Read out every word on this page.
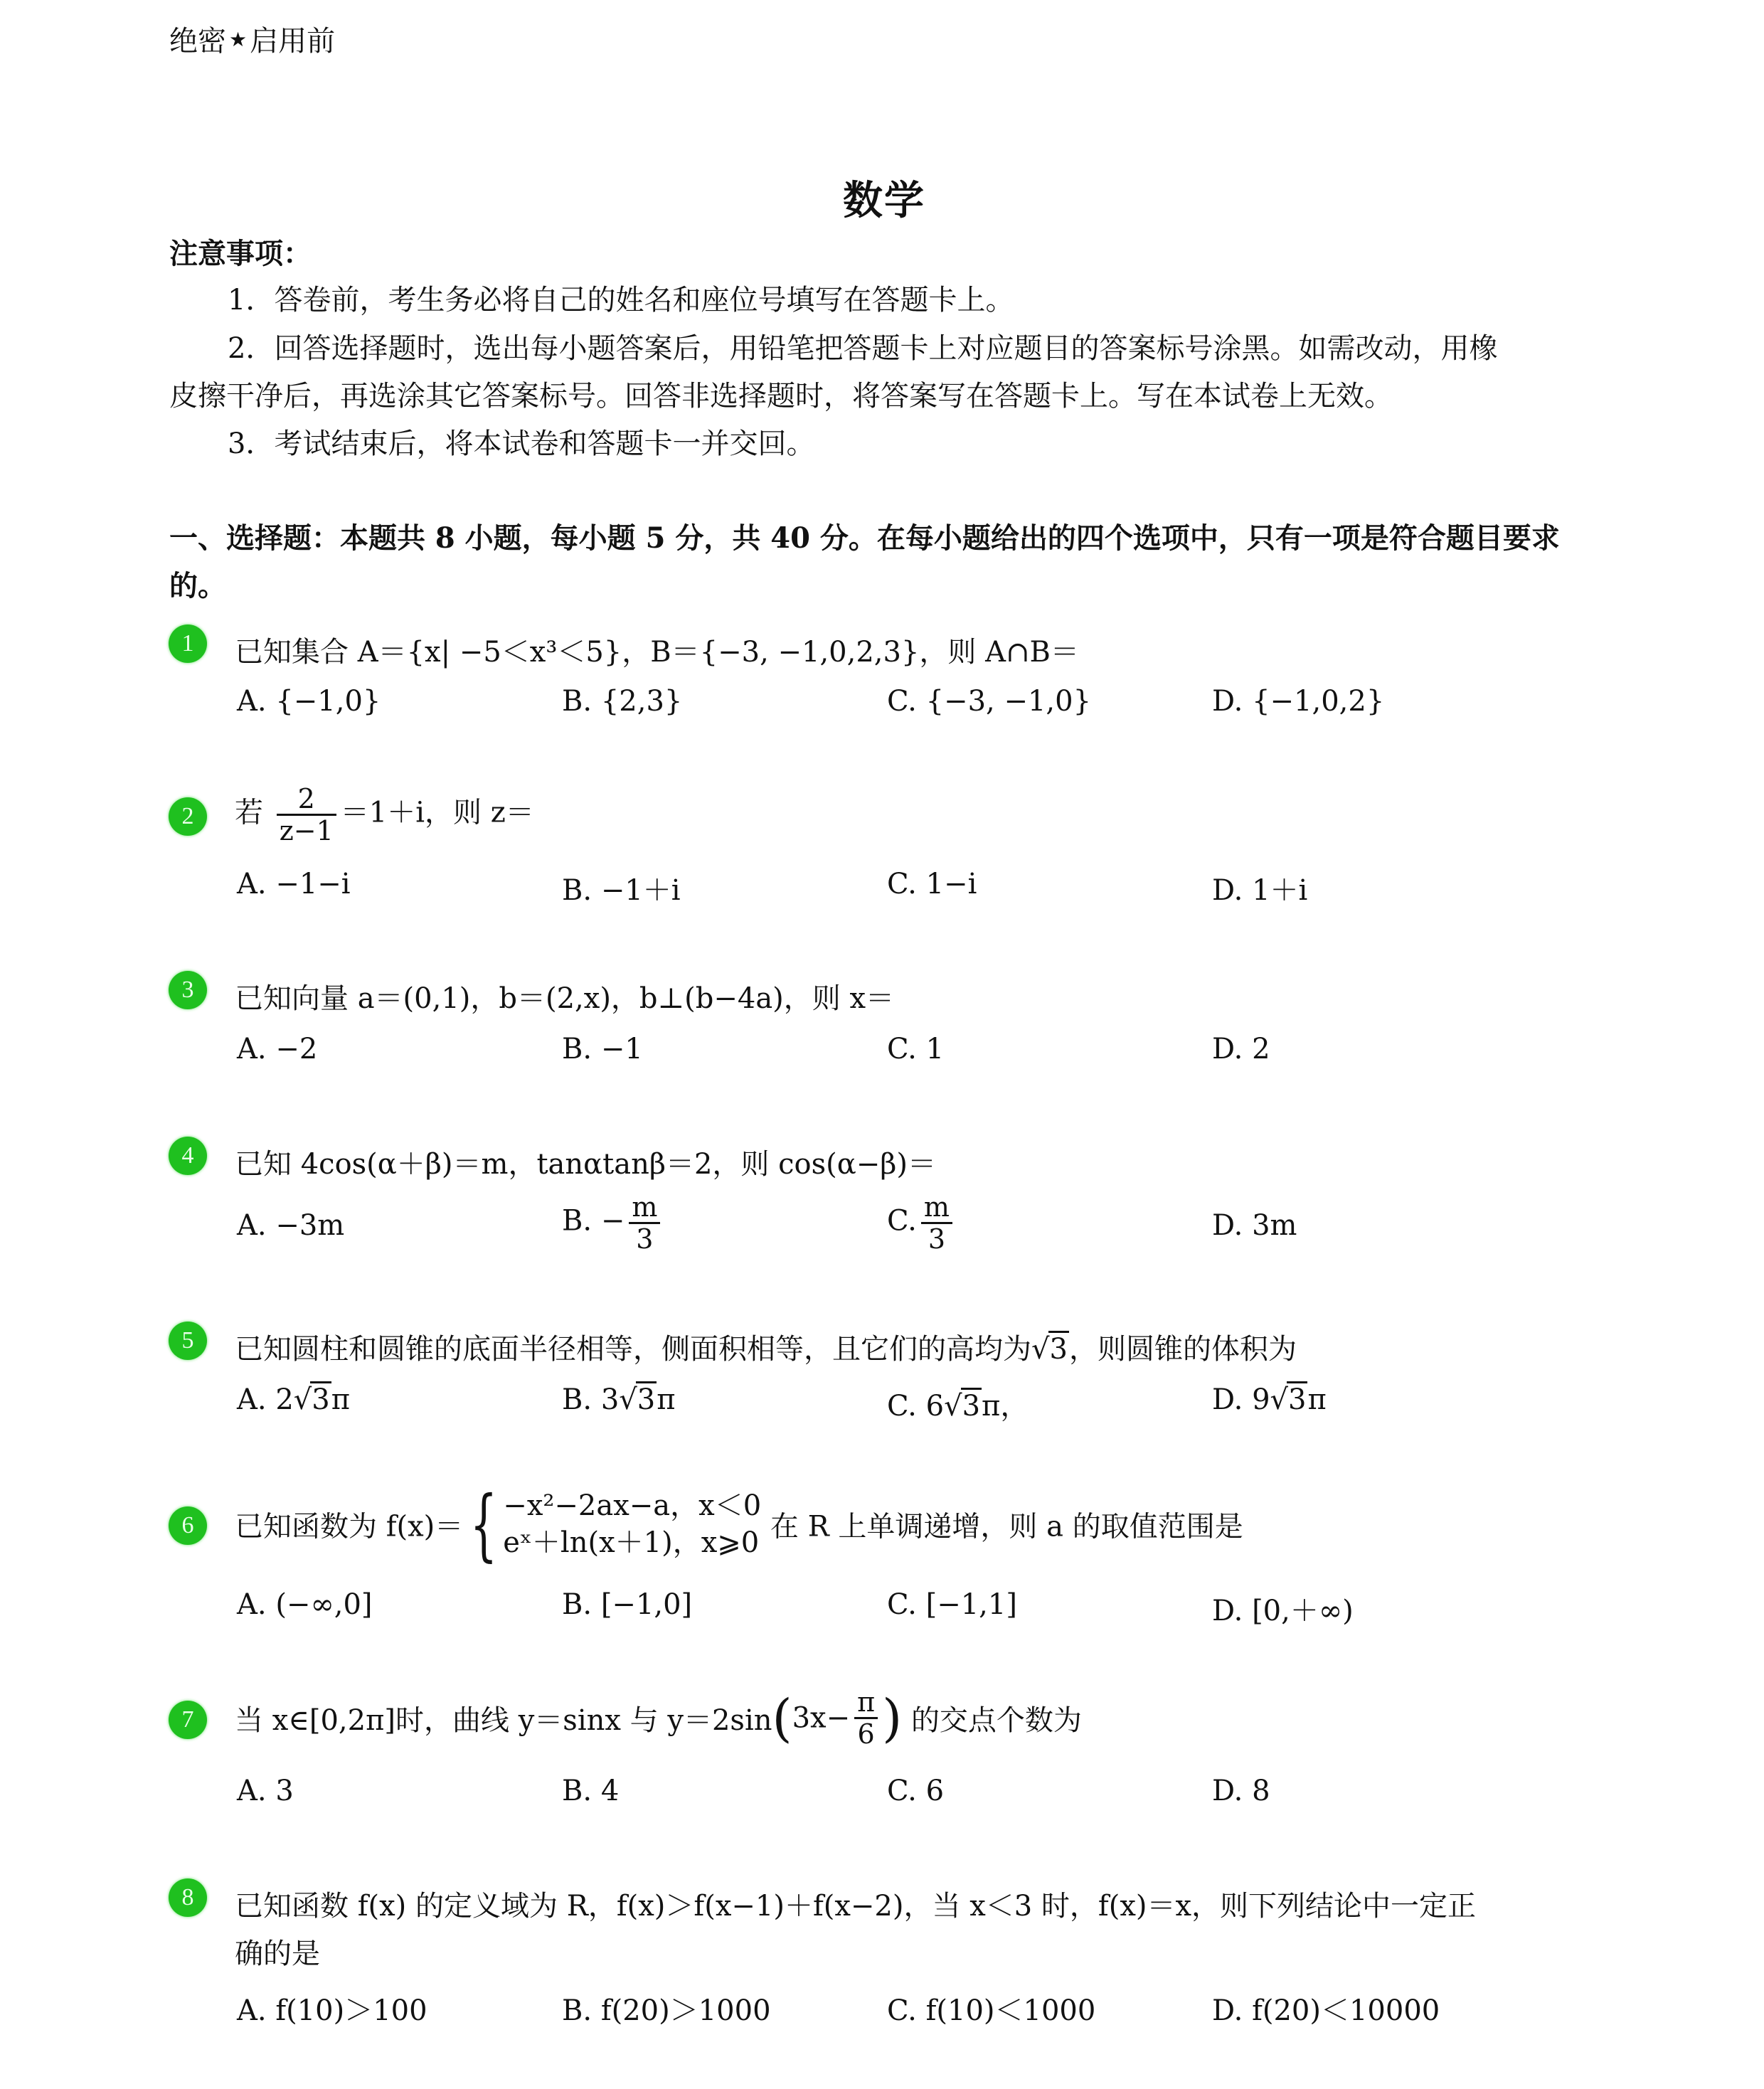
绝密 ★ 启用前
数学
注意事项：
1．答卷前，考生务必将自己的姓名和座位号填写在答题卡上。
2．回答选择题时，选出每小题答案后，用铅笔把答题卡上对应题目的答案标号涂黑。如需改动，用橡
皮擦干净后，再选涂其它答案标号。回答非选择题时，将答案写在答题卡上。写在本试卷上无效。
3．考试结束后，将本试卷和答题卡一并交回。
一、选择题：本题共 8 小题，每小题 5 分，共 40 分。在每小题给出的四个选项中，只有一项是符合题目要求
的。
1	已知集合 A＝{x| −5＜x³＜5}，B＝{−3, −1,0,2,3}，则 A∩B＝
A. {−1,0}	B. {2,3}	C. {−3, −1,0}	D. {−1,0,2}
2	若 $\frac{2}{z-1} =1+i$，则 z＝
A. −1−i	B. −1＋i	C. 1−i	D. 1＋i
3	已知向量 a＝(0,1)，b＝(2,x)，b⊥(b−4a)，则 x＝
A. −2	B. −1	C. 1	D. 2
4	已知 4cos(α＋β)＝m，tanαtanβ＝2，则 cos(α−β)＝
A. −3m	B. − $\frac{m}{3}$	C. $\frac{m}{3}$	D. 3m
5	已知圆柱和圆锥的底面半径相等，侧面积相等，且它们的高均为√3，则圆锥的体积为
A. 2√3π	B. 3√3π	C. 6√3π，	D. 9√3π
6	已知函数为 f(x)＝{ −x²−2ax−a，x＜0
eˣ＋ln(x＋1)，x⩾0 在 R 上单调递增，则 a 的取值范围是
A. (−∞,0]	B. [−1,0]	C. [−1,1]	D. [0,＋∞)
7	当 x∈[0,2π]时，曲线 y＝sinx 与 $y=2\sin(3x- \frac{\pi}{6}$ ) 的交点个数为
A. 3	B. 4	C. 6	D. 8
8	已知函数 f(x) 的定义域为 R，f(x)＞f(x−1)＋f(x−2)，当 x＜3 时，f(x)＝x，则下列结论中一定正
确的是
A. f(10)＞100	B. f(20)＞1000	C. f(10)＜1000	D. f(20)＜10000
